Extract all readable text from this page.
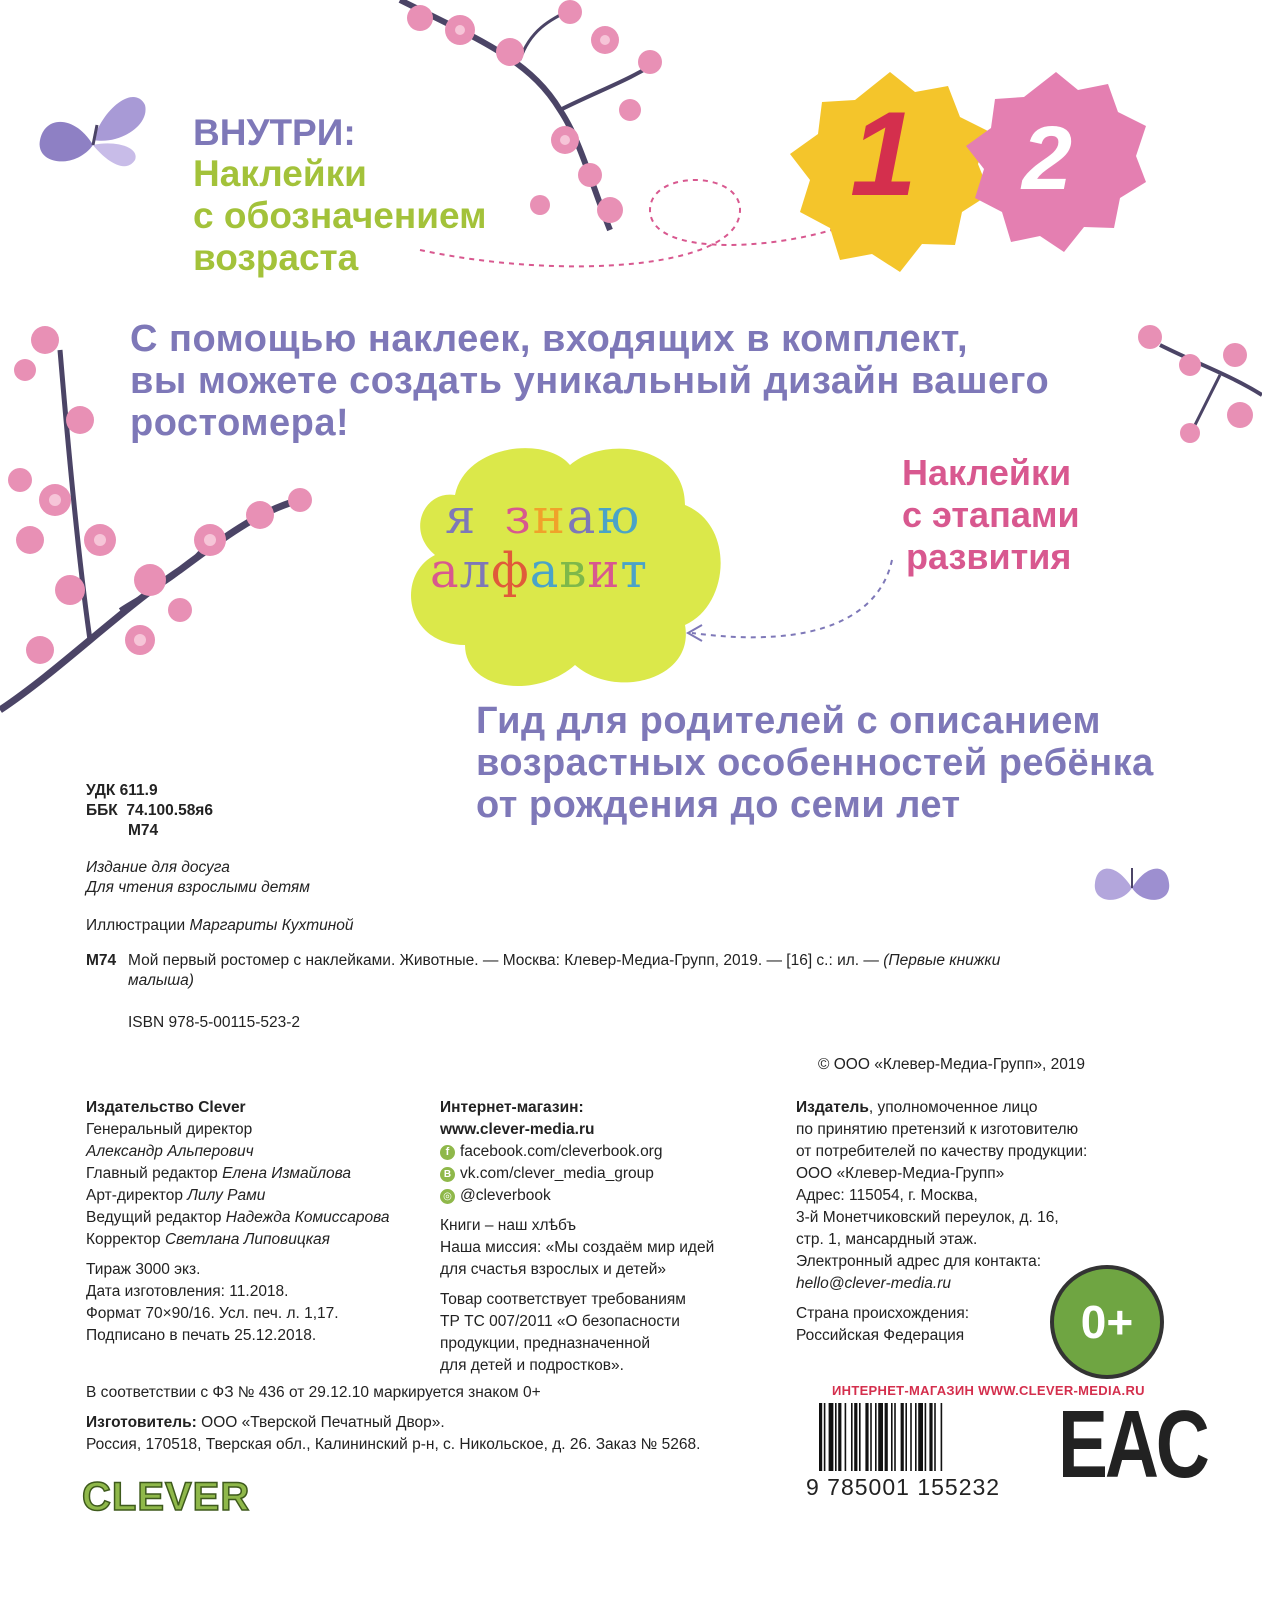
ВНУТРИ:
Наклейки
с обозначением
возраста
1 2
С помощью наклеек, входящих в комплект,
вы можете создать уникальный дизайн вашего
ростомера!
я знаю
алфавит
Наклейки
с этапами
развития
Гид для родителей с описанием
возрастных особенностей ребёнка
от рождения до семи лет
УДК 611.9
ББК  74.100.58я6
М74
Издание для досуга
Для чтения взрослыми детям
Иллюстрации Маргариты Кухтиной
М74 Мой первый ростомер с наклейками. Животные. — Москва: Клевер-Медиа-Групп, 2019. — [16] с.: ил. — (Первые книжки
малыша)
ISBN 978-5-00115-523-2
© ООО «Клевер-Медиа-Групп», 2019
Издательство Clever
Генеральный директор
Александр Альперович
Главный редактор Елена Измайлова
Арт-директор Лилу Рами
Ведущий редактор Надежда Комиссарова
Корректор Светлана Липовицкая
Тираж 3000 экз.
Дата изготовления: 11.2018.
Формат 70×90/16. Усл. печ. л. 1,17.
Подписано в печать 25.12.2018.
Интернет-магазин:
www.clever-media.ru
f facebook.com/cleverbook.org
B vk.com/clever_media_group
◎ @cleverbook
Книги – наш хлѣбъ
Наша миссия: «Мы создаём мир идей
для счастья взрослых и детей»
Товар соответствует требованиям
ТР ТС 007/2011 «О безопасности
продукции, предназначенной
для детей и подростков».
Издатель, уполномоченное лицо
по принятию претензий к изготовителю
от потребителей по качеству продукции:
ООО «Клевер-Медиа-Групп»
Адрес: 115054, г. Москва,
3-й Монетчиковский переулок, д. 16,
стр. 1, мансардный этаж.
Электронный адрес для контакта:
hello@clever-media.ru
Страна происхождения:
Российская Федерация	0+
В соответствии с ФЗ № 436 от 29.12.10 маркируется знаком 0+
Изготовитель: ООО «Тверской Печатный Двор».
Россия, 170518, Тверская обл., Калининский р-н, с. Никольское, д. 26. Заказ № 5268.
CLEVER
ИНТЕРНЕТ-МАГАЗИН WWW.CLEVER-MEDIA.RU
9 785001 155232 EAC
